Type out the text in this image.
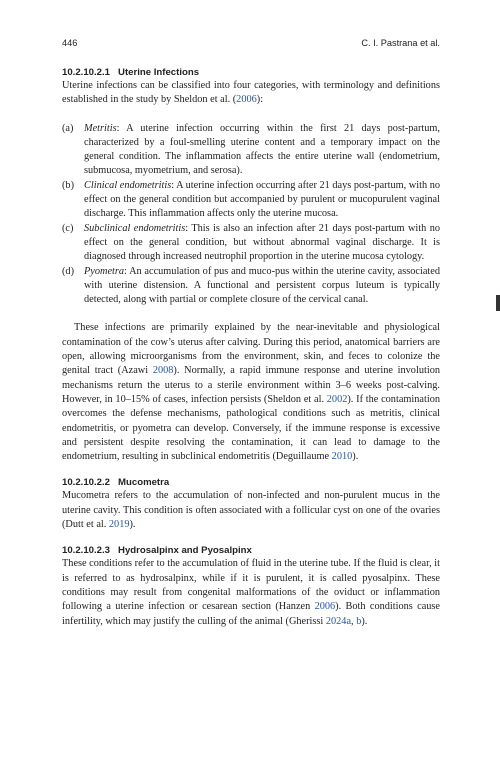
446	C. I. Pastrana et al.
10.2.10.2.1 Uterine Infections

Uterine infections can be classified into four categories, with terminology and definitions established in the study by Sheldon et al. (2006):

(a) Metritis: A uterine infection occurring within the first 21 days post-partum, characterized by a foul-smelling uterine content and a temporary impact on the general condition. The inflammation affects the entire uterine wall (endometrium, submucosa, myometrium, and serosa).
(b) Clinical endometritis: A uterine infection occurring after 21 days post-partum, with no effect on the general condition but accompanied by purulent or mucopurulent vaginal discharge. This inflammation affects only the uterine mucosa.
(c) Subclinical endometritis: This is also an infection after 21 days post-partum with no effect on the general condition, but without abnormal vaginal discharge. It is diagnosed through increased neutrophil proportion in the uterine mucosa cytology.
(d) Pyometra: An accumulation of pus and muco-pus within the uterine cavity, associated with uterine distension. A functional and persistent corpus luteum is typically detected, along with partial or complete closure of the cervical canal.

These infections are primarily explained by the near-inevitable and physiological contamination of the cow’s uterus after calving. During this period, anatomical barriers are open, allowing microorganisms from the environment, skin, and feces to colonize the genital tract (Azawi 2008). Normally, a rapid immune response and uterine involution mechanisms return the uterus to a sterile environment within 3–6 weeks post-calving. However, in 10–15% of cases, infection persists (Sheldon et al. 2002). If the contamination overcomes the defense mechanisms, pathological conditions such as metritis, clinical endometritis, or pyometra can develop. Conversely, if the immune response is excessive and persistent despite resolving the contamination, it can lead to damage to the endometrium, resulting in subclinical endometritis (Deguillaume 2010).

10.2.10.2.2 Mucometra

Mucometra refers to the accumulation of non-infected and non-purulent mucus in the uterine cavity. This condition is often associated with a follicular cyst on one of the ovaries (Dutt et al. 2019).

10.2.10.2.3 Hydrosalpinx and Pyosalpinx

These conditions refer to the accumulation of fluid in the uterine tube. If the fluid is clear, it is referred to as hydrosalpinx, while if it is purulent, it is called pyosalpinx. These conditions may result from congenital malformations of the oviduct or inflammation following a uterine infection or cesarean section (Hanzen 2006). Both conditions cause infertility, which may justify the culling of the animal (Gherissi 2024a, b).
